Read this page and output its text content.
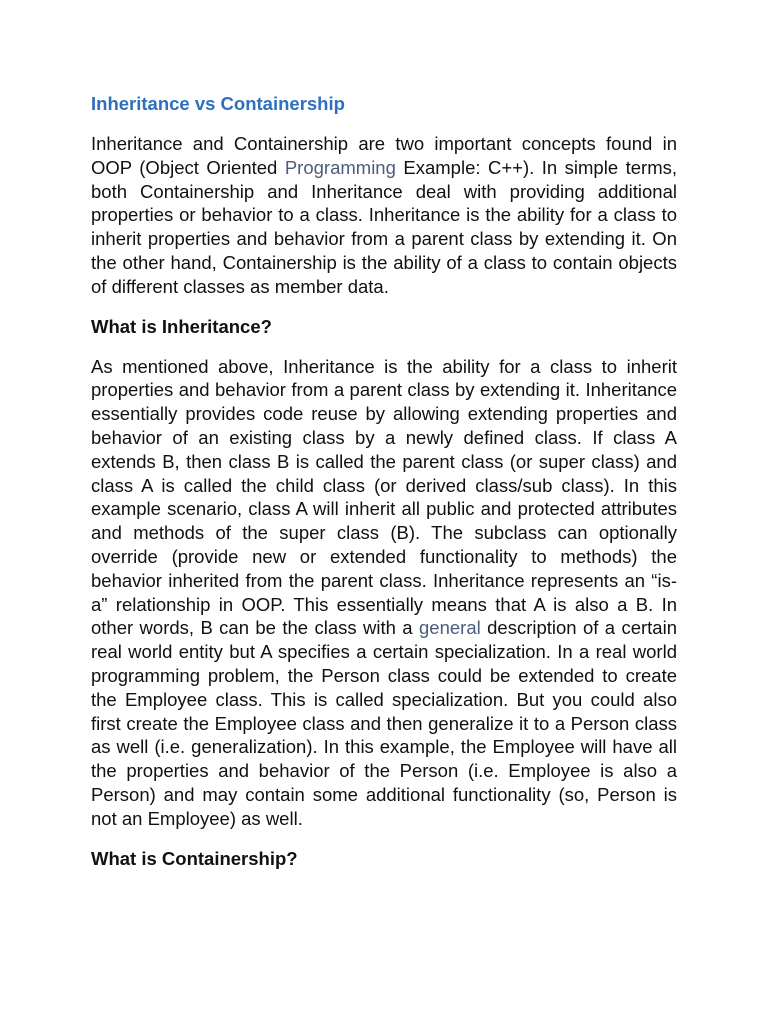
Inheritance vs Containership

Inheritance and Containership are two important concepts found in OOP (Object Oriented Programming Example: C++). In simple terms, both Containership and Inheritance deal with providing additional properties or behavior to a class. Inheritance is the ability for a class to inherit properties and behavior from a parent class by extending it. On the other hand, Containership is the ability of a class to contain objects of different classes as member data.

What is Inheritance?

As mentioned above, Inheritance is the ability for a class to inherit properties and behavior from a parent class by extending it. Inheritance essentially provides code reuse by allowing extending properties and behavior of an existing class by a newly defined class. If class A extends B, then class B is called the parent class (or super class) and class A is called the child class (or derived class/sub class). In this example scenario, class A will inherit all public and protected attributes and methods of the super class (B). The subclass can optionally override (provide new or extended functionality to methods) the behavior inherited from the parent class. Inheritance represents an “is-a” relationship in OOP. This essentially means that A is also a B. In other words, B can be the class with a general description of a certain real world entity but A specifies a certain specialization. In a real world programming problem, the Person class could be extended to create the Employee class. This is called specialization. But you could also first create the Employee class and then generalize it to a Person class as well (i.e. generalization). In this example, the Employee will have all the properties and behavior of the Person (i.e. Employee is also a Person) and may contain some additional functionality (so, Person is not an Employee) as well.

What is Containership?
